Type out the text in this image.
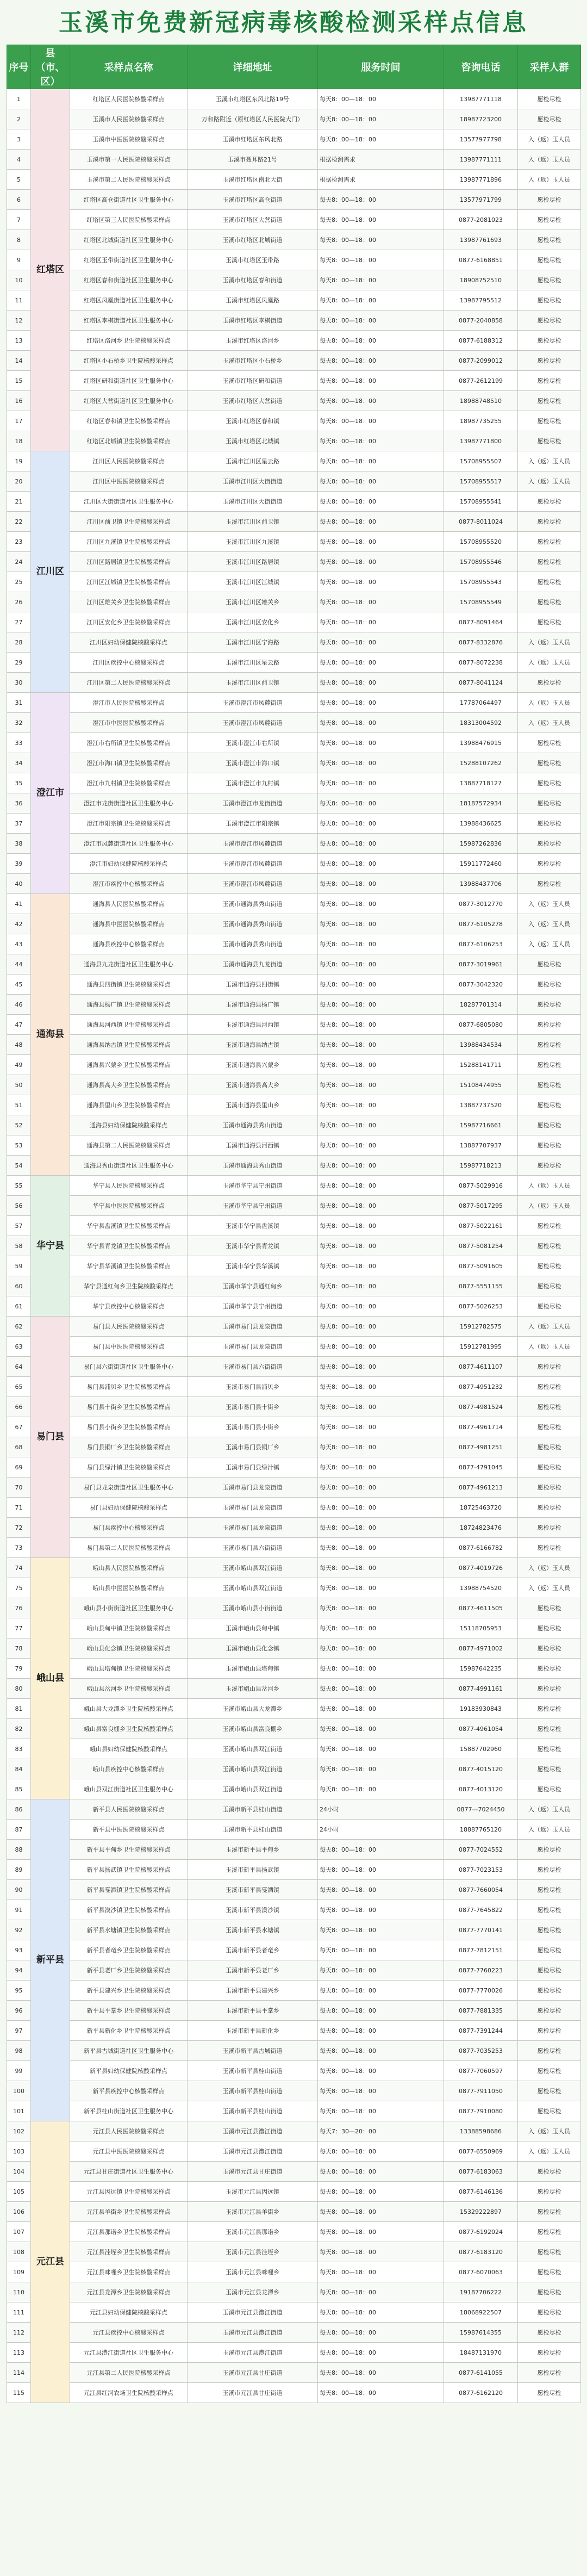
玉溪市免费新冠病毒核酸检测采样点信息
序号	县（市、区）	采样点名称	详细地址	服务时间	咨询电话	采样人群
1	红塔区	红塔区人民医院核酸采样点	玉溪市红塔区东风北路19号	每天8：00—18：00	13987771118	愿检尽检
2		玉溪市人民医院核酸采样点	万和路附近（原红塔区人民医院大门）	每天8：00—18：00	18987723200	愿检尽检
3		玉溪市中医医院核酸采样点	玉溪市红塔区东风北路	每天8：00—18：00	13577977798	入（返）玉人员
4		玉溪市第一人民医院核酸采样点	玉溪市聂耳路21号	根据检测需求	13987771111	入（返）玉人员
5		玉溪市第二人民医院核酸采样点	玉溪市红塔区南北大街	根据检测需求	13987771896	入（返）玉人员
6		红塔区高仓街道社区卫生服务中心	玉溪市红塔区高仓街道	每天8：00—18：00	13577971799	愿检尽检
7		红塔区第三人民医院核酸采样点	玉溪市红塔区大营街道	每天8：00—18：00	0877-2081023	愿检尽检
8		红塔区北城街道社区卫生服务中心	玉溪市红塔区北城街道	每天8：00—18：00	13987761693	愿检尽检
9		红塔区玉带街道社区卫生服务中心	玉溪市红塔区玉带路	每天8：00—18：00	0877-6168851	愿检尽检
10		红塔区春和街道社区卫生服务中心	玉溪市红塔区春和街道	每天8：00—18：00	18908752510	愿检尽检
11		红塔区凤凰街道社区卫生服务中心	玉溪市红塔区凤凰路	每天8：00—18：00	13987795512	愿检尽检
12		红塔区李棋街道社区卫生服务中心	玉溪市红塔区李棋街道	每天8：00—18：00	0877-2040858	愿检尽检
13		红塔区洛河乡卫生院核酸采样点	玉溪市红塔区洛河乡	每天8：00—18：00	0877-6188312	愿检尽检
14		红塔区小石桥乡卫生院核酸采样点	玉溪市红塔区小石桥乡	每天8：00—18：00	0877-2099012	愿检尽检
15		红塔区研和街道社区卫生服务中心	玉溪市红塔区研和街道	每天8：00—18：00	0877-2612199	愿检尽检
16		红塔区大营街道社区卫生服务中心	玉溪市红塔区大营街道	每天8：00—18：00	18988748510	愿检尽检
17		红塔区春和镇卫生院核酸采样点	玉溪市红塔区春和镇	每天8：00—18：00	18987735255	愿检尽检
18		红塔区北城镇卫生院核酸采样点	玉溪市红塔区北城镇	每天8：00—18：00	13987771800	愿检尽检
19	江川区	江川区人民医院核酸采样点	玉溪市江川区星云路	每天8：00—18：00	15708955507	入（返）玉人员
20		江川区中医医院核酸采样点	玉溪市江川区大街街道	每天8：00—18：00	15708955517	入（返）玉人员
21		江川区大街街道社区卫生服务中心	玉溪市江川区大街街道	每天8：00—18：00	15708955541	愿检尽检
22		江川区前卫镇卫生院核酸采样点	玉溪市江川区前卫镇	每天8：00—18：00	0877-8011024	愿检尽检
23		江川区九溪镇卫生院核酸采样点	玉溪市江川区九溪镇	每天8：00—18：00	15708955520	愿检尽检
24		江川区路居镇卫生院核酸采样点	玉溪市江川区路居镇	每天8：00—18：00	15708955546	愿检尽检
25		江川区江城镇卫生院核酸采样点	玉溪市江川区江城镇	每天8：00—18：00	15708955543	愿检尽检
26		江川区雄关乡卫生院核酸采样点	玉溪市江川区雄关乡	每天8：00—18：00	15708955549	愿检尽检
27		江川区安化乡卫生院核酸采样点	玉溪市江川区安化乡	每天8：00—18：00	0877-8091464	愿检尽检
28		江川区妇幼保健院核酸采样点	玉溪市江川区宁海路	每天8：00—18：00	0877-8332876	入（返）玉人员
29		江川区疾控中心核酸采样点	玉溪市江川区星云路	每天8：00—18：00	0877-8072238	入（返）玉人员
30		江川区第二人民医院核酸采样点	玉溪市江川区前卫镇	每天8：00—18：00	0877-8041124	愿检尽检
31	澄江市	澄江市人民医院核酸采样点	玉溪市澄江市凤麓街道	每天8：00—18：00	17787064497	入（返）玉人员
32		澄江市中医医院核酸采样点	玉溪市澄江市凤麓街道	每天8：00—18：00	18313004592	入（返）玉人员
33		澄江市右所镇卫生院核酸采样点	玉溪市澄江市右所镇	每天8：00—18：00	13988476915	愿检尽检
34		澄江市海口镇卫生院核酸采样点	玉溪市澄江市海口镇	每天8：00—18：00	15288107262	愿检尽检
35		澄江市九村镇卫生院核酸采样点	玉溪市澄江市九村镇	每天8：00—18：00	13887718127	愿检尽检
36		澄江市龙街街道社区卫生服务中心	玉溪市澄江市龙街街道	每天8：00—18：00	18187572934	愿检尽检
37		澄江市阳宗镇卫生院核酸采样点	玉溪市澄江市阳宗镇	每天8：00—18：00	13988436625	愿检尽检
38		澄江市凤麓街道社区卫生服务中心	玉溪市澄江市凤麓街道	每天8：00—18：00	15987262836	愿检尽检
39		澄江市妇幼保健院核酸采样点	玉溪市澄江市凤麓街道	每天8：00—18：00	15911772460	愿检尽检
40		澄江市疾控中心核酸采样点	玉溪市澄江市凤麓街道	每天8：00—18：00	13988437706	愿检尽检
41	通海县	通海县人民医院核酸采样点	玉溪市通海县秀山街道	每天8：00—18：00	0877-3012770	入（返）玉人员
42		通海县中医医院核酸采样点	玉溪市通海县秀山街道	每天8：00—18：00	0877-6105278	入（返）玉人员
43		通海县疾控中心核酸采样点	玉溪市通海县秀山街道	每天8：00—18：00	0877-6106253	入（返）玉人员
44		通海县九龙街道社区卫生服务中心	玉溪市通海县九龙街道	每天8：00—18：00	0877-3019961	愿检尽检
45		通海县四街镇卫生院核酸采样点	玉溪市通海县四街镇	每天8：00—18：00	0877-3042320	愿检尽检
46		通海县杨广镇卫生院核酸采样点	玉溪市通海县杨广镇	每天8：00—18：00	18287701314	愿检尽检
47		通海县河西镇卫生院核酸采样点	玉溪市通海县河西镇	每天8：00—18：00	0877-6805080	愿检尽检
48		通海县纳古镇卫生院核酸采样点	玉溪市通海县纳古镇	每天8：00—18：00	13988434534	愿检尽检
49		通海县兴蒙乡卫生院核酸采样点	玉溪市通海县兴蒙乡	每天8：00—18：00	15288141711	愿检尽检
50		通海县高大乡卫生院核酸采样点	玉溪市通海县高大乡	每天8：00—18：00	15108474955	愿检尽检
51		通海县里山乡卫生院核酸采样点	玉溪市通海县里山乡	每天8：00—18：00	13887737520	愿检尽检
52		通海县妇幼保健院核酸采样点	玉溪市通海县秀山街道	每天8：00—18：00	15987716661	愿检尽检
53		通海县第二人民医院核酸采样点	玉溪市通海县河西镇	每天8：00—18：00	13887707937	愿检尽检
54		通海县秀山街道社区卫生服务中心	玉溪市通海县秀山街道	每天8：00—18：00	15987718213	愿检尽检
55	华宁县	华宁县人民医院核酸采样点	玉溪市华宁县宁州街道	每天8：00—18：00	0877-5029916	入（返）玉人员
56		华宁县中医医院核酸采样点	玉溪市华宁县宁州街道	每天8：00—18：00	0877-5017295	入（返）玉人员
57		华宁县盘溪镇卫生院核酸采样点	玉溪市华宁县盘溪镇	每天8：00—18：00	0877-5022161	愿检尽检
58		华宁县青龙镇卫生院核酸采样点	玉溪市华宁县青龙镇	每天8：00—18：00	0877-5081254	愿检尽检
59		华宁县华溪镇卫生院核酸采样点	玉溪市华宁县华溪镇	每天8：00—18：00	0877-5091605	愿检尽检
60		华宁县通红甸乡卫生院核酸采样点	玉溪市华宁县通红甸乡	每天8：00—18：00	0877-5551155	愿检尽检
61		华宁县疾控中心核酸采样点	玉溪市华宁县宁州街道	每天8：00—18：00	0877-5026253	愿检尽检
62	易门县	易门县人民医院核酸采样点	玉溪市易门县龙泉街道	每天8：00—18：00	15912782575	入（返）玉人员
63		易门县中医医院核酸采样点	玉溪市易门县龙泉街道	每天8：00—18：00	15912781995	入（返）玉人员
64		易门县六街街道社区卫生服务中心	玉溪市易门县六街街道	每天8：00—18：00	0877-4611107	愿检尽检
65		易门县浦贝乡卫生院核酸采样点	玉溪市易门县浦贝乡	每天8：00—18：00	0877-4951232	愿检尽检
66		易门县十街乡卫生院核酸采样点	玉溪市易门县十街乡	每天8：00—18：00	0877-4981524	愿检尽检
67		易门县小街乡卫生院核酸采样点	玉溪市易门县小街乡	每天8：00—18：00	0877-4961714	愿检尽检
68		易门县铜厂乡卫生院核酸采样点	玉溪市易门县铜厂乡	每天8：00—18：00	0877-4981251	愿检尽检
69		易门县绿汁镇卫生院核酸采样点	玉溪市易门县绿汁镇	每天8：00—18：00	0877-4791045	愿检尽检
70		易门县龙泉街道社区卫生服务中心	玉溪市易门县龙泉街道	每天8：00—18：00	0877-4961213	愿检尽检
71		易门县妇幼保健院核酸采样点	玉溪市易门县龙泉街道	每天8：00—18：00	18725463720	愿检尽检
72		易门县疾控中心核酸采样点	玉溪市易门县龙泉街道	每天8：00—18：00	18724823476	愿检尽检
73		易门县第二人民医院核酸采样点	玉溪市易门县六街街道	每天8：00—18：00	0877-6166782	愿检尽检
74	峨山县	峨山县人民医院核酸采样点	玉溪市峨山县双江街道	每天8：00—18：00	0877-4019726	入（返）玉人员
75		峨山县中医医院核酸采样点	玉溪市峨山县双江街道	每天8：00—18：00	13988754520	入（返）玉人员
76		峨山县小街街道社区卫生服务中心	玉溪市峨山县小街街道	每天8：00—18：00	0877-4611505	愿检尽检
77		峨山县甸中镇卫生院核酸采样点	玉溪市峨山县甸中镇	每天8：00—18：00	15118705953	愿检尽检
78		峨山县化念镇卫生院核酸采样点	玉溪市峨山县化念镇	每天8：00—18：00	0877-4971002	愿检尽检
79		峨山县塔甸镇卫生院核酸采样点	玉溪市峨山县塔甸镇	每天8：00—18：00	15987642235	愿检尽检
80		峨山县岔河乡卫生院核酸采样点	玉溪市峨山县岔河乡	每天8：00—18：00	0877-4991161	愿检尽检
81		峨山县大龙潭乡卫生院核酸采样点	玉溪市峨山县大龙潭乡	每天8：00—18：00	19183930843	愿检尽检
82		峨山县富良棚乡卫生院核酸采样点	玉溪市峨山县富良棚乡	每天8：00—18：00	0877-4961054	愿检尽检
83		峨山县妇幼保健院核酸采样点	玉溪市峨山县双江街道	每天8：00—18：00	15887702960	愿检尽检
84		峨山县疾控中心核酸采样点	玉溪市峨山县双江街道	每天8：00—18：00	0877-4015120	愿检尽检
85		峨山县双江街道社区卫生服务中心	玉溪市峨山县双江街道	每天8：00—18：00	0877-4013120	愿检尽检
86	新平县	新平县人民医院核酸采样点	玉溪市新平县桂山街道	24小时	0877—7024450	入（返）玉人员
87		新平县中医医院核酸采样点	玉溪市新平县桂山街道	24小时	18887765120	入（返）玉人员
88		新平县平甸乡卫生院核酸采样点	玉溪市新平县平甸乡	每天8：00—18：00	0877-7024552	愿检尽检
89		新平县扬武镇卫生院核酸采样点	玉溪市新平县扬武镇	每天8：00—18：00	0877-7023153	愿检尽检
90		新平县戛洒镇卫生院核酸采样点	玉溪市新平县戛洒镇	每天8：00—18：00	0877-7660054	愿检尽检
91		新平县漠沙镇卫生院核酸采样点	玉溪市新平县漠沙镇	每天8：00—18：00	0877-7645822	愿检尽检
92		新平县水塘镇卫生院核酸采样点	玉溪市新平县水塘镇	每天8：00—18：00	0877-7770141	愿检尽检
93		新平县者竜乡卫生院核酸采样点	玉溪市新平县者竜乡	每天8：00—18：00	0877-7812151	愿检尽检
94		新平县老厂乡卫生院核酸采样点	玉溪市新平县老厂乡	每天8：00—18：00	0877-7760223	愿检尽检
95		新平县建兴乡卫生院核酸采样点	玉溪市新平县建兴乡	每天8：00—18：00	0877-7770026	愿检尽检
96		新平县平掌乡卫生院核酸采样点	玉溪市新平县平掌乡	每天8：00—18：00	0877-7881335	愿检尽检
97		新平县新化乡卫生院核酸采样点	玉溪市新平县新化乡	每天8：00—18：00	0877-7391244	愿检尽检
98		新平县古城街道社区卫生服务中心	玉溪市新平县古城街道	每天8：00—18：00	0877-7035253	愿检尽检
99		新平县妇幼保健院核酸采样点	玉溪市新平县桂山街道	每天8：00—18：00	0877-7060597	愿检尽检
100		新平县疾控中心核酸采样点	玉溪市新平县桂山街道	每天8：00—18：00	0877-7911050	愿检尽检
101		新平县桂山街道社区卫生服务中心	玉溪市新平县桂山街道	每天8：00—18：00	0877-7910080	愿检尽检
102	元江县	元江县人民医院核酸采样点	玉溪市元江县澧江街道	每天7：30—20：00	13388598686	入（返）玉人员
103		元江县中医医院核酸采样点	玉溪市元江县澧江街道	每天8：00—18：00	0877-6550969	入（返）玉人员
104		元江县甘庄街道社区卫生服务中心	玉溪市元江县甘庄街道	每天8：00—18：00	0877-6183063	愿检尽检
105		元江县因远镇卫生院核酸采样点	玉溪市元江县因远镇	每天8：00—18：00	0877-6146136	愿检尽检
106		元江县羊街乡卫生院核酸采样点	玉溪市元江县羊街乡	每天8：00—18：00	15329222897	愿检尽检
107		元江县那诺乡卫生院核酸采样点	玉溪市元江县那诺乡	每天8：00—18：00	0877-6192024	愿检尽检
108		元江县洼垤乡卫生院核酸采样点	玉溪市元江县洼垤乡	每天8：00—18：00	0877-6183120	愿检尽检
109		元江县咪哩乡卫生院核酸采样点	玉溪市元江县咪哩乡	每天8：00—18：00	0877-6070063	愿检尽检
110		元江县龙潭乡卫生院核酸采样点	玉溪市元江县龙潭乡	每天8：00—18：00	19187706222	愿检尽检
111		元江县妇幼保健院核酸采样点	玉溪市元江县澧江街道	每天8：00—18：00	18068922507	愿检尽检
112		元江县疾控中心核酸采样点	玉溪市元江县澧江街道	每天8：00—18：00	15987614355	愿检尽检
113		元江县澧江街道社区卫生服务中心	玉溪市元江县澧江街道	每天8：00—18：00	18487131970	愿检尽检
114		元江县第二人民医院核酸采样点	玉溪市元江县甘庄街道	每天8：00—18：00	0877-6141055	愿检尽检
115		元江县红河农场卫生院核酸采样点	玉溪市元江县甘庄街道	每天8：00—18：00	0877-6162120	愿检尽检
